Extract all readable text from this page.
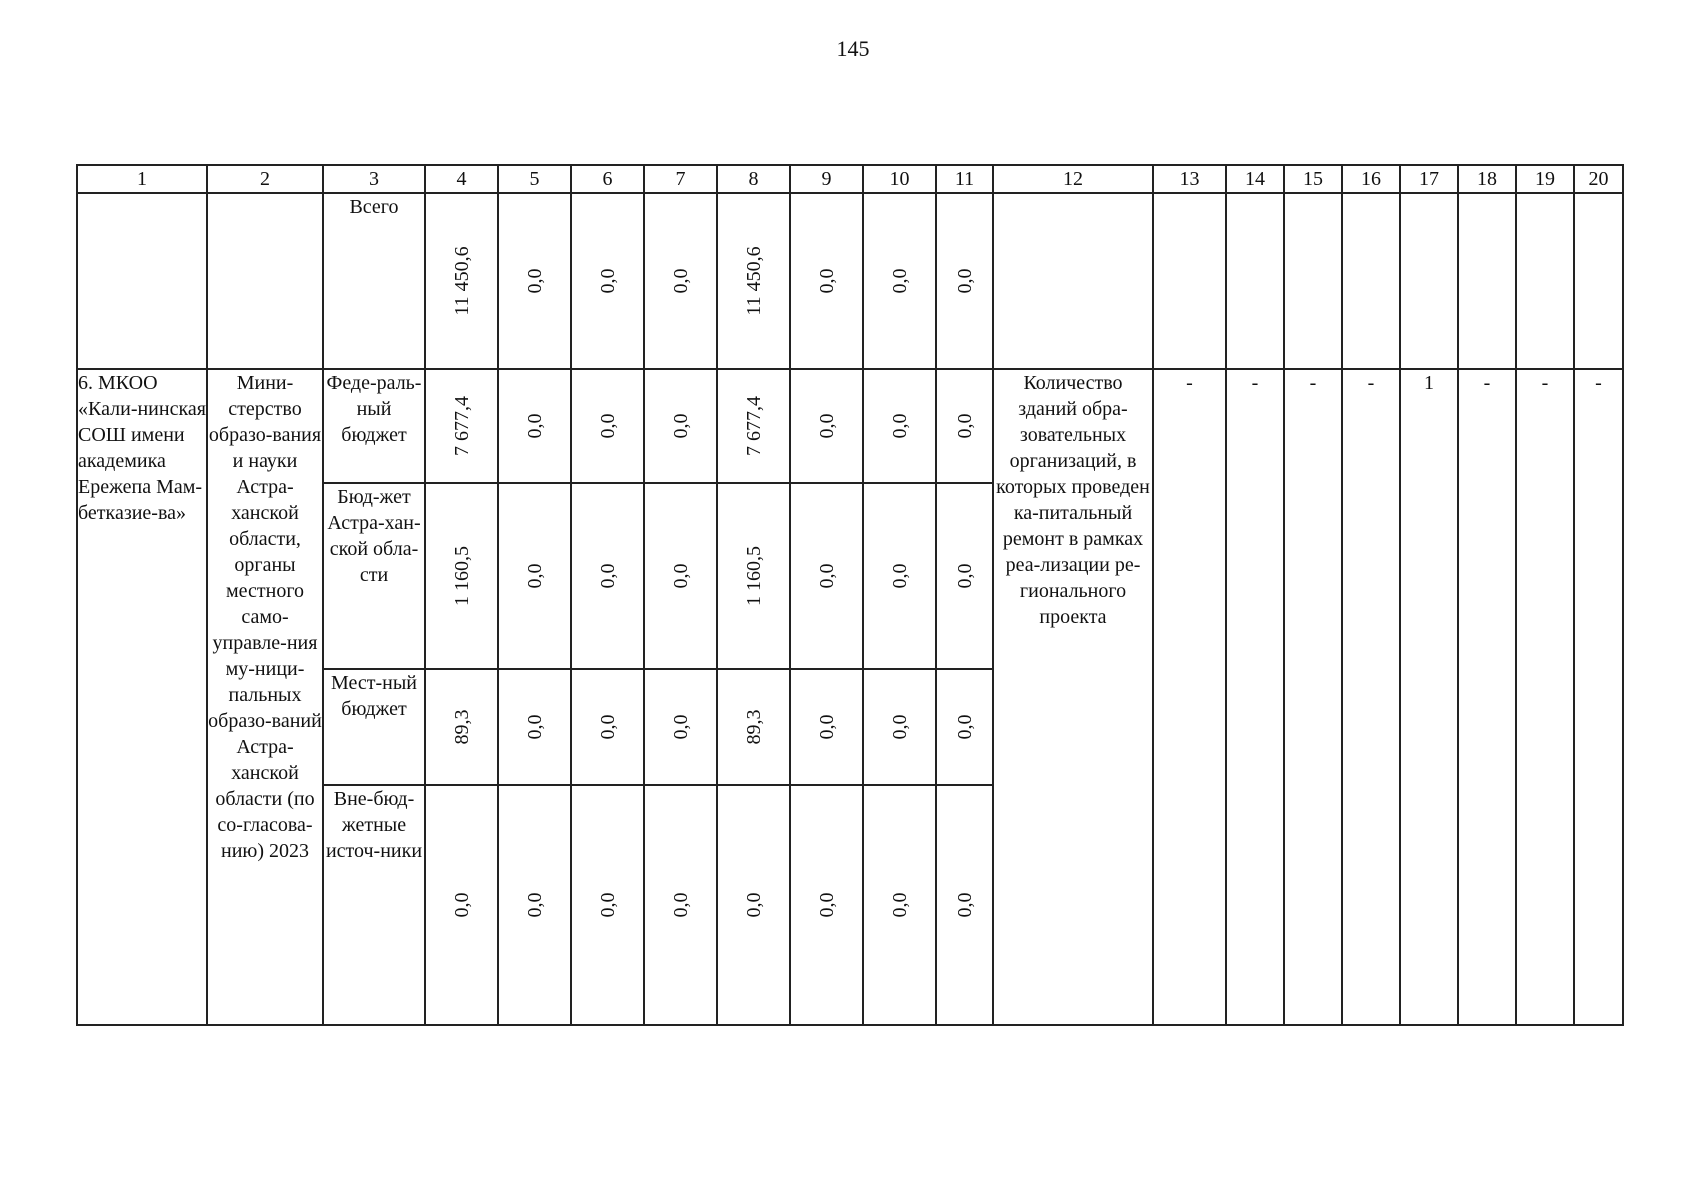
145
1	2	3	4	5	6	7	8	9	10	11	12	13	14	15	16	17	18	19	20
		Всего	11 450,6	0,0	0,0	0,0	11 450,6	0,0	0,0	0,0									

6. МКОО «Кали-нинская СОШ имени академика Ережепа Мам-бетказие-ва»	Мини-стерство образо-вания и науки Астра-ханской области, органы местного само-управле-ния му-ници-пальных образо-ваний Астра-ханской области (по со-гласова-нию) 2023	Феде-раль-ный бюджет	7 677,4	0,0	0,0	0,0	7 677,4	0,0	0,0	0,0	Количество зданий обра-зовательных организаций, в которых проведен ка-питальный ремонт в рамках реа-лизации ре-гионального проекта	-	-	-	-	1	-	-	-
		Бюд-жет Астра-хан-ской обла-сти	1 160,5	0,0	0,0	0,0	1 160,5	0,0	0,0	0,0									

		Мест-ный бюджет	89,3	0,0	0,0	0,0	89,3	0,0	0,0	0,0									

		Вне-бюд-жетные источ-ники	0,0	0,0	0,0	0,0	0,0	0,0	0,0	0,0									
